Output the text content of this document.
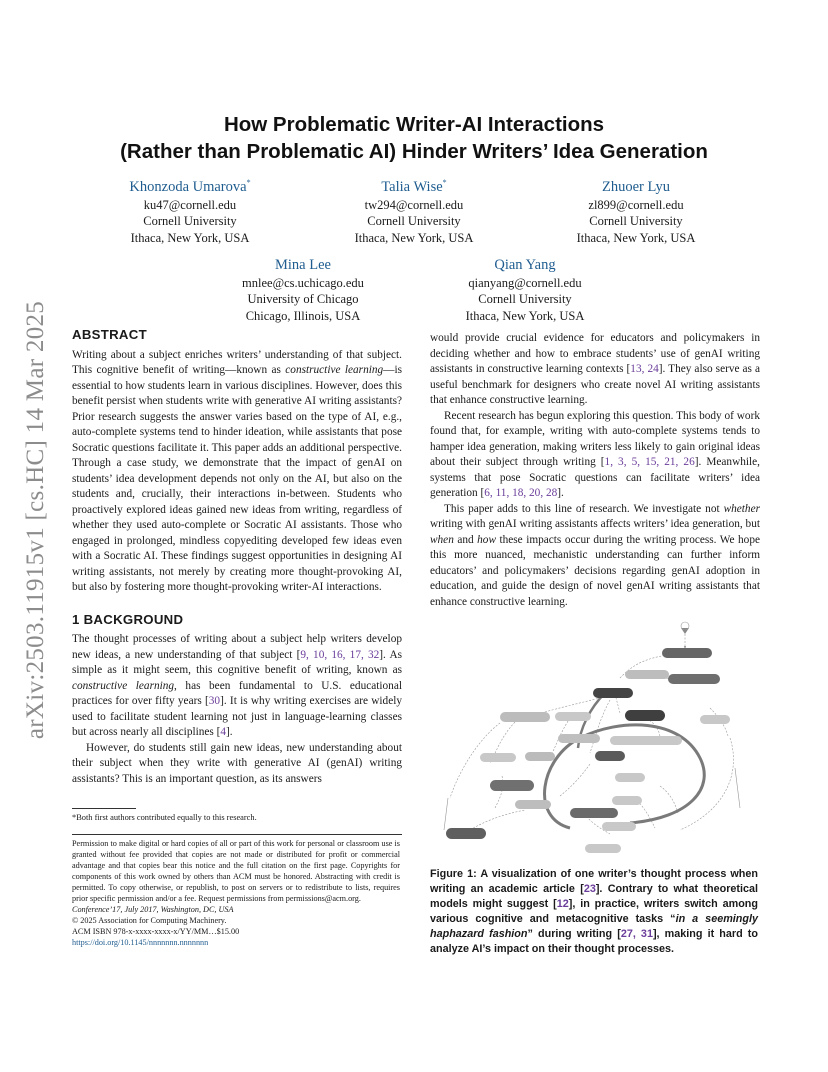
arXiv:2503.11915v1 [cs.HC] 14 Mar 2025
How Problematic Writer-AI Interactions
(Rather than Problematic AI) Hinder Writers’ Idea Generation
Khonzoda Umarova*
ku47@cornell.edu
Cornell University
Ithaca, New York, USA
Talia Wise*
tw294@cornell.edu
Cornell University
Ithaca, New York, USA
Zhuoer Lyu
zl899@cornell.edu
Cornell University
Ithaca, New York, USA
Mina Lee
mnlee@cs.uchicago.edu
University of Chicago
Chicago, Illinois, USA
Qian Yang
qianyang@cornell.edu
Cornell University
Ithaca, New York, USA
ABSTRACT

Writing about a subject enriches writers’ understanding of that subject. This cognitive benefit of writing—known as constructive learning—is essential to how students learn in various disciplines. However, does this benefit persist when students write with generative AI writing assistants? Prior research suggests the answer varies based on the type of AI, e.g., auto-complete systems tend to hinder ideation, while assistants that pose Socratic questions facilitate it. This paper adds an additional perspective. Through a case study, we demonstrate that the impact of genAI on students’ idea development depends not only on the AI, but also on the students and, crucially, their interactions in-between. Students who proactively explored ideas gained new ideas from writing, regardless of whether they used auto-complete or Socratic AI assistants. Those who engaged in prolonged, mindless copyediting developed few ideas even with a Socratic AI. These findings suggest opportunities in designing AI writing assistants, not merely by creating more thought-provoking AI, but also by fostering more thought-provoking writer-AI interactions.

1 BACKGROUND

The thought processes of writing about a subject help writers develop new ideas, a new understanding of that subject [9, 10, 16, 17, 32]. As simple as it might seem, this cognitive benefit of writing, known as constructive learning, has been fundamental to U.S. educational practices for over fifty years [30]. It is why writing exercises are widely used to facilitate student learning not just in language-learning classes but across nearly all disciplines [4].

However, do students still gain new ideas, new understanding about their subject when they write with generative AI (genAI) writing assistants? This is an important question, as its answers

*Both first authors contributed equally to this research.

Permission to make digital or hard copies of all or part of this work for personal or classroom use is granted without fee provided that copies are not made or distributed for profit or commercial advantage and that copies bear this notice and the full citation on the first page. Copyrights for components of this work owned by others than ACM must be honored. Abstracting with credit is permitted. To copy otherwise, or republish, to post on servers or to redistribute to lists, requires prior specific permission and/or a fee. Request permissions from permissions@acm.org.

Conference’17, July 2017, Washington, DC, USA

© 2025 Association for Computing Machinery.

ACM ISBN 978-x-xxxx-xxxx-x/YY/MM…$15.00

https://doi.org/10.1145/nnnnnnn.nnnnnnn

would provide crucial evidence for educators and policymakers in deciding whether and how to embrace students’ use of genAI writing assistants in constructive learning contexts [13, 24]. They also serve as a useful benchmark for designers who create novel AI writing assistants that enhance constructive learning.

Recent research has begun exploring this question. This body of work found that, for example, writing with auto-complete systems tends to hamper idea generation, making writers less likely to gain original ideas about their subject through writing [1, 3, 5, 15, 21, 26]. Meanwhile, systems that pose Socratic questions can facilitate writers’ idea generation [6, 11, 18, 20, 28].

This paper adds to this line of research. We investigate not whether writing with genAI writing assistants affects writers’ idea generation, but when and how these impacts occur during the writing process. We hope this more nuanced, mechanistic understanding can further inform educators’ and policymakers’ decisions regarding genAI adoption in education, and guide the design of novel genAI writing assistants that enhance constructive learning.

Figure 1: A visualization of one writer’s thought process when writing an academic article [23]. Contrary to what theoretical models might suggest [12], in practice, writers switch among various cognitive and metacognitive tasks “in a seemingly haphazard fashion” during writing [27, 31], making it hard to analyze AI’s impact on their thought processes.
